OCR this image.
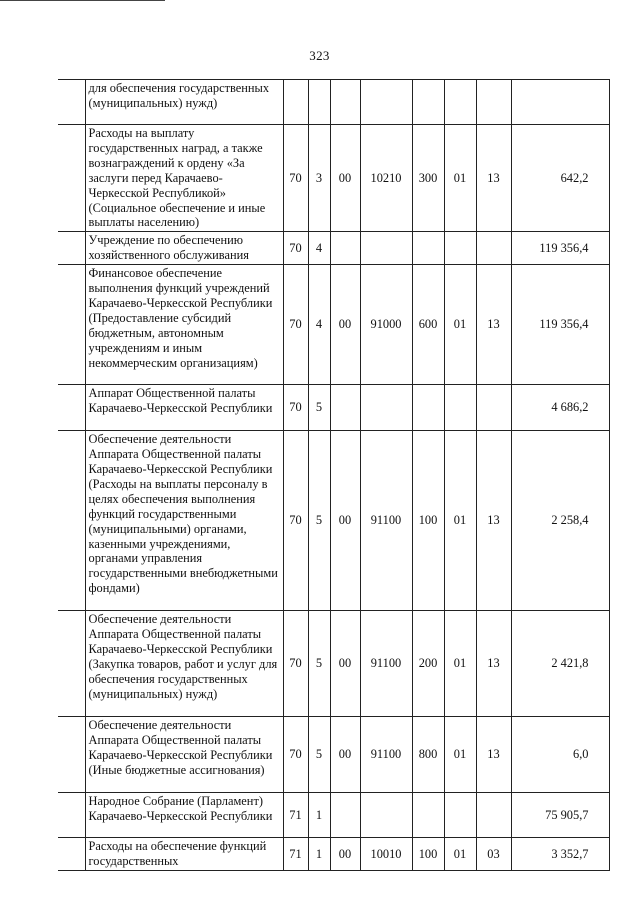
323
	для обеспечения государственных (муниципальных) нужд)								
	Расходы на выплату государственных наград, а также вознаграждений к ордену «За заслуги перед Карачаево-Черкесской Республикой» (Социальное обеспечение и иные выплаты населению)	70	3	00	10210	300	01	13	642,2
	Учреждение по обеспечению хозяйственного обслуживания	70	4						119 356,4
	Финансовое обеспечение выполнения функций учреждений Карачаево-Черкесской Республики (Предоставление субсидий бюджетным, автономным учреждениям и иным некоммерческим организациям)	70	4	00	91000	600	01	13	119 356,4
	Аппарат Общественной палаты Карачаево-Черкесской Республики	70	5						4 686,2
	Обеспечение деятельности Аппарата Общественной палаты Карачаево-Черкесской Республики (Расходы на выплаты персоналу в целях обеспечения выполнения функций государственными (муниципальными) органами, казенными учреждениями, органами управления государственными внебюджетными фондами)	70	5	00	91100	100	01	13	2 258,4
	Обеспечение деятельности Аппарата Общественной палаты Карачаево-Черкесской Республики (Закупка товаров, работ и услуг для обеспечения государственных (муниципальных) нужд)	70	5	00	91100	200	01	13	2 421,8
	Обеспечение деятельности Аппарата Общественной палаты Карачаево-Черкесской Республики (Иные бюджетные ассигнования)	70	5	00	91100	800	01	13	6,0
	Народное Собрание (Парламент) Карачаево-Черкесской Республики	71	1						75 905,7
	Расходы на обеспечение функций государственных	71	1	00	10010	100	01	03	3 352,7
